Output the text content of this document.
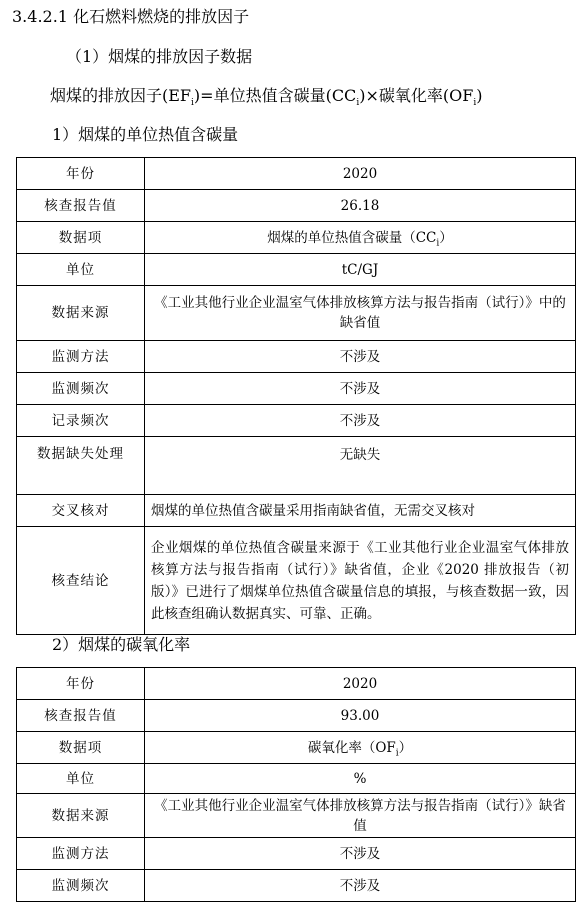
3.4.2.1 化石燃料燃烧的排放因子
（1）烟煤的排放因子数据
烟煤的排放因子$(EF_i)=$单位热值含碳量$(CC_i)\times$碳氧化率$(OF_i)$
1）烟煤的单位热值含碳量
年份	2020
核查报告值	26.18
数据项	烟煤的单位热值含碳量$(CC_i)$
单位	tC/GJ
数据来源	《工业其他行业企业温室气体排放核算方法与报告指南（试行）》中的缺省值
监测方法	不涉及
监测频次	不涉及
记录频次	不涉及
数据缺失处理	无缺失
交叉核对	烟煤的单位热值含碳量采用指南缺省值，无需交叉核对
核查结论	企业烟煤的单位热值含碳量来源于《工业其他行业企业温室气体排放核算方法与报告指南（试行）》缺省值，企业《2020 排放报告（初版）》已进行了烟煤单位热值含碳量信息的填报，与核查数据一致，因此核查组确认数据真实、可靠、正确。
2）烟煤的碳氧化率
年份	2020
核查报告值	93.00
数据项	碳氧化率$(OF_i)$
单位	%
数据来源	《工业其他行业企业温室气体排放核算方法与报告指南（试行）》缺省值
监测方法	不涉及
监测频次	不涉及
